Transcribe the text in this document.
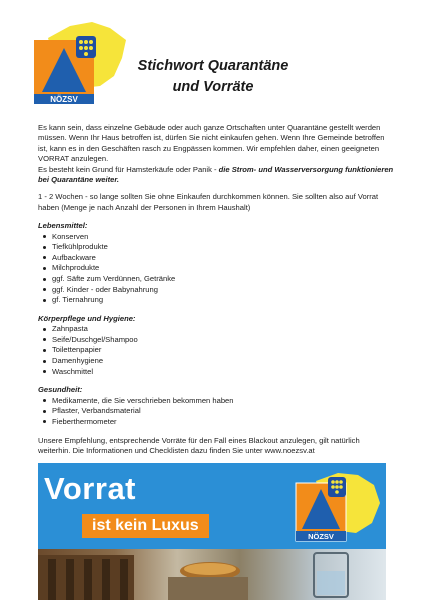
NÖZSV
Stichwort Quarantäne
und Vorräte

Es kann sein, dass einzelne Gebäude oder auch ganze Ortschaften unter Quarantäne gestellt werden müssen. Wenn Ihr Haus betroffen ist, dürfen Sie nicht einkaufen gehen. Wenn Ihre Gemeinde betroffen ist, kann es in den Geschäften rasch zu Engpässen kommen. Wir empfehlen daher, einen geeigneten VORRAT anzulegen.
Es besteht kein Grund für Hamsterkäufe oder Panik - die Strom- und Wasserversorgung funktionieren bei Quarantäne weiter.

1 - 2 Wochen - so lange sollten Sie ohne Einkaufen durchkommen können. Sie sollten also auf Vorrat haben (Menge je nach Anzahl der Personen in Ihrem Haushalt)

Lebensmittel:
Konserven
Tiefkühlprodukte
Aufbackware
Milchprodukte
ggf. Säfte zum Verdünnen, Getränke
ggf. Kinder - oder Babynahrung
gf. Tiernahrung
Körperpflege und Hygiene:
Zahnpasta
Seife/Duschgel/Shampoo
Toilettenpapier
Damenhygiene
Waschmittel
Gesundheit:
Medikamente, die Sie verschrieben bekommen haben
Pflaster, Verbandsmaterial
Fieberthermometer
Unsere Empfehlung, entsprechende Vorräte für den Fall eines Blackout anzulegen, gilt natürlich weiterhin. Die Informationen und Checklisten dazu finden Sie unter www.noezsv.at
Vorrat
ist kein Luxus
NÖZSV
